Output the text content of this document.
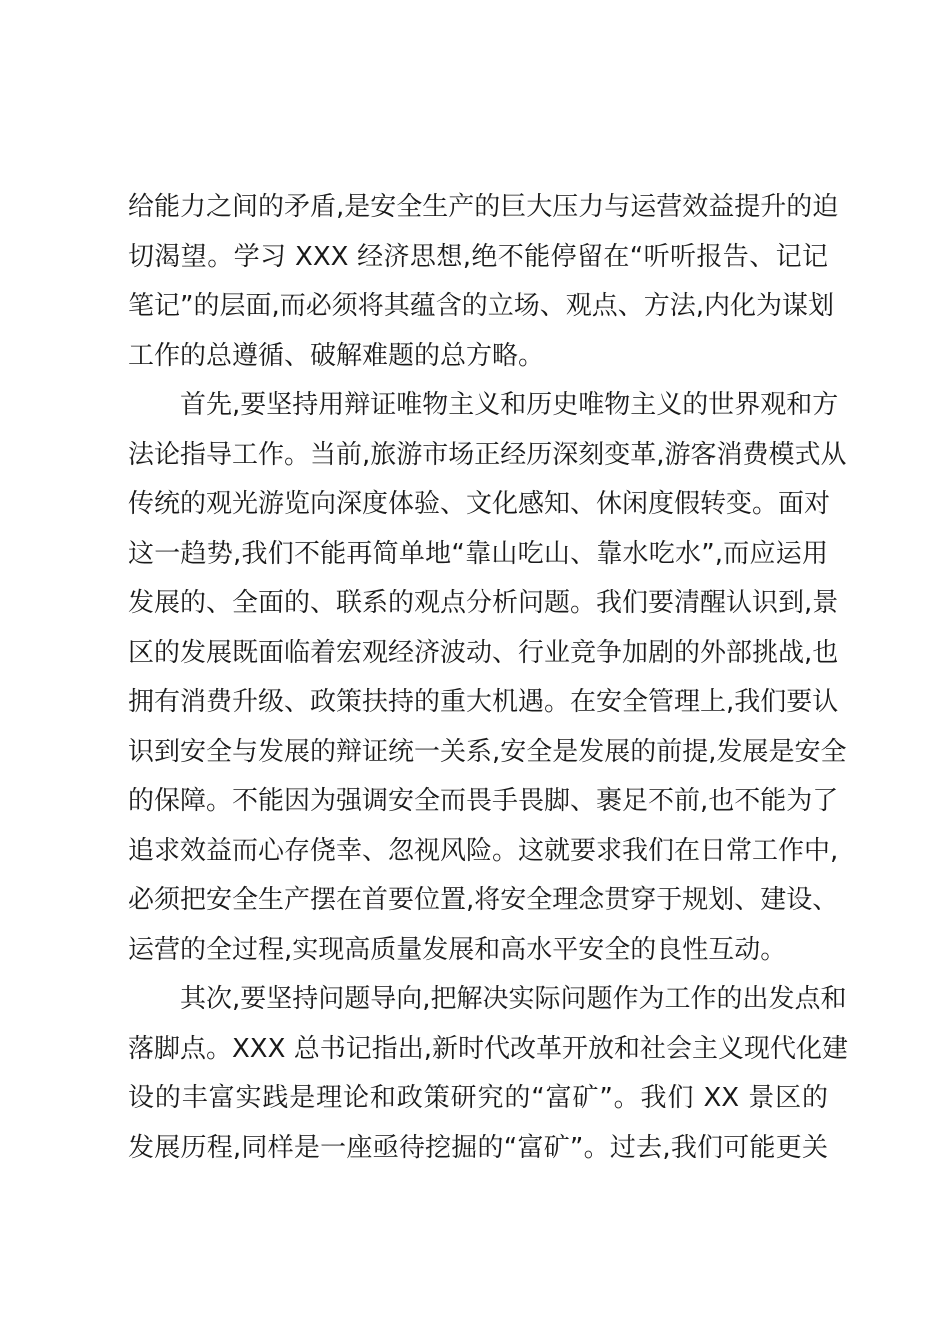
给能力之间的矛盾,是安全生产的巨大压力与运营效益提升的迫
切渴望。学习 XXX 经济思想,绝不能停留在“听听报告、记记
笔记”的层面,而必须将其蕴含的立场、观点、方法,内化为谋划
工作的总遵循、破解难题的总方略。
首先,要坚持用辩证唯物主义和历史唯物主义的世界观和方
法论指导工作。当前,旅游市场正经历深刻变革,游客消费模式从
传统的观光游览向深度体验、文化感知、休闲度假转变。面对
这一趋势,我们不能再简单地“靠山吃山、靠水吃水”,而应运用
发展的、全面的、联系的观点分析问题。我们要清醒认识到,景
区的发展既面临着宏观经济波动、行业竞争加剧的外部挑战,也
拥有消费升级、政策扶持的重大机遇。在安全管理上,我们要认
识到安全与发展的辩证统一关系,安全是发展的前提,发展是安全
的保障。不能因为强调安全而畏手畏脚、裹足不前,也不能为了
追求效益而心存侥幸、忽视风险。这就要求我们在日常工作中,
必须把安全生产摆在首要位置,将安全理念贯穿于规划、建设、
运营的全过程,实现高质量发展和高水平安全的良性互动。
其次,要坚持问题导向,把解决实际问题作为工作的出发点和
落脚点。XXX 总书记指出,新时代改革开放和社会主义现代化建
设的丰富实践是理论和政策研究的“富矿”。我们 XX 景区的
发展历程,同样是一座亟待挖掘的“富矿”。过去,我们可能更关
